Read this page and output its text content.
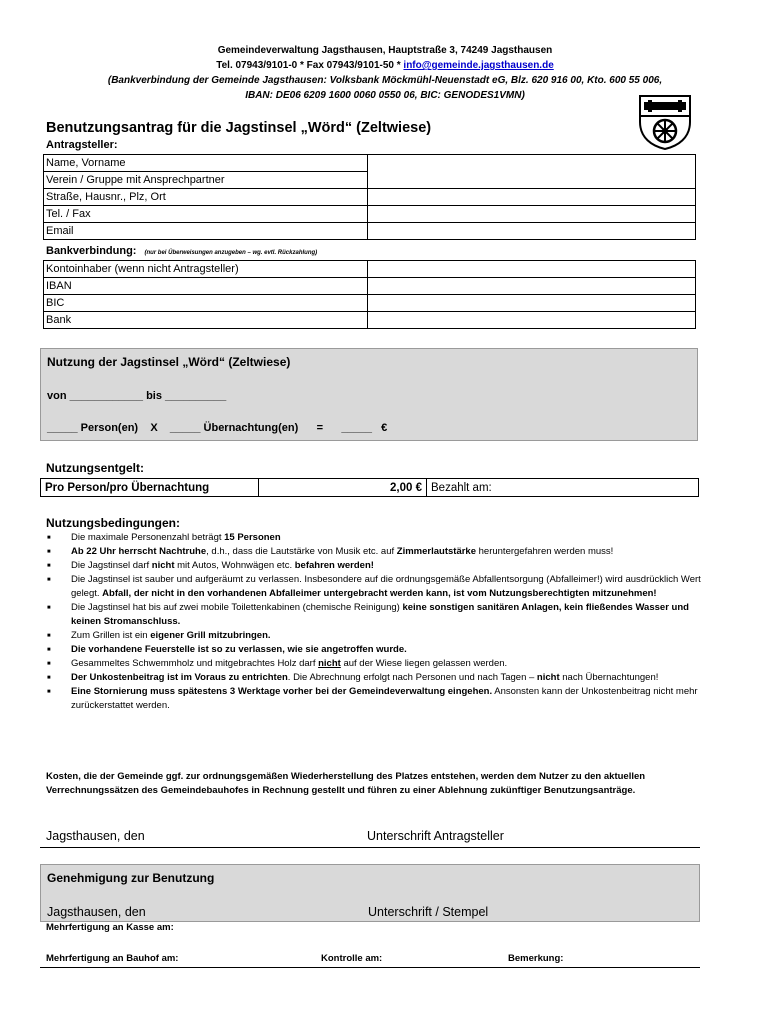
Gemeindeverwaltung Jagsthausen, Hauptstraße 3, 74249 Jagsthausen
Tel. 07943/9101-0 * Fax 07943/9101-50 * info@gemeinde.jagsthausen.de
(Bankverbindung der Gemeinde Jagsthausen: Volksbank Möckmühl-Neuenstadt eG, Blz. 620 916 00, Kto. 600 55 006,
IBAN: DE06 6209 1600 0060 0550 06, BIC: GENODES1VMN)
Benutzungsantrag für die Jagstinsel „Wörd“ (Zeltwiese)
Antragsteller:
Name, Vorname	
Verein / Gruppe mit Ansprechpartner	
Straße, Hausnr., Plz, Ort	
Tel. / Fax	
Email	
Bankverbindung: (nur bei Überweisungen anzugeben – wg. evtl. Rückzahlung)
Kontoinhaber (wenn nicht Antragsteller)	
IBAN	
BIC	
Bank	
Nutzung der Jagstinsel „Wörd“ (Zeltwiese)
von ____________ bis __________
_____ Person(en)    X    _____ Übernachtung(en)      =      _____   €
Nutzungsentgelt:
Pro Person/pro Übernachtung	2,00 €	Bezahlt am:
Nutzungsbedingungen:
■ Die maximale Personenzahl beträgt 15 Personen
■ Ab 22 Uhr herrscht Nachtruhe, d.h., dass die Lautstärke von Musik etc. auf Zimmerlautstärke heruntergefahren werden muss!
■ Die Jagstinsel darf nicht mit Autos, Wohnwägen etc. befahren werden!
■ Die Jagstinsel ist sauber und aufgeräumt zu verlassen. Insbesondere auf die ordnungsgemäße Abfallentsorgung (Abfalleimer!) wird ausdrücklich Wert gelegt. Abfall, der nicht in den vorhandenen Abfalleimer untergebracht werden kann, ist vom Nutzungsberechtigten mitzunehmen!
■ Die Jagstinsel hat bis auf zwei mobile Toilettenkabinen (chemische Reinigung) keine sonstigen sanitären Anlagen, kein fließendes Wasser und keinen Stromanschluss.
■ Zum Grillen ist ein eigener Grill mitzubringen.
■ Die vorhandene Feuerstelle ist so zu verlassen, wie sie angetroffen wurde.
■ Gesammeltes Schwemmholz und mitgebrachtes Holz darf nicht auf der Wiese liegen gelassen werden.
■ Der Unkostenbeitrag ist im Voraus zu entrichten. Die Abrechnung erfolgt nach Personen und nach Tagen – nicht nach Übernachtungen!
■ Eine Stornierung muss spätestens 3 Werktage vorher bei der Gemeindeverwaltung eingehen. Ansonsten kann der Unkostenbeitrag nicht mehr zurückerstattet werden.
Kosten, die der Gemeinde ggf. zur ordnungsgemäßen Wiederherstellung des Platzes entstehen, werden dem Nutzer zu den aktuellen Verrechnungssätzen des Gemeindebauhofes in Rechnung gestellt und führen zu einer Ablehnung zukünftiger Benutzungsanträge.
Jagsthausen, den	Unterschrift Antragsteller
Genehmigung zur Benutzung
Jagsthausen, den	Unterschrift / Stempel
Mehrfertigung an Kasse am:
Mehrfertigung an Bauhof am:	Kontrolle am:	Bemerkung:
